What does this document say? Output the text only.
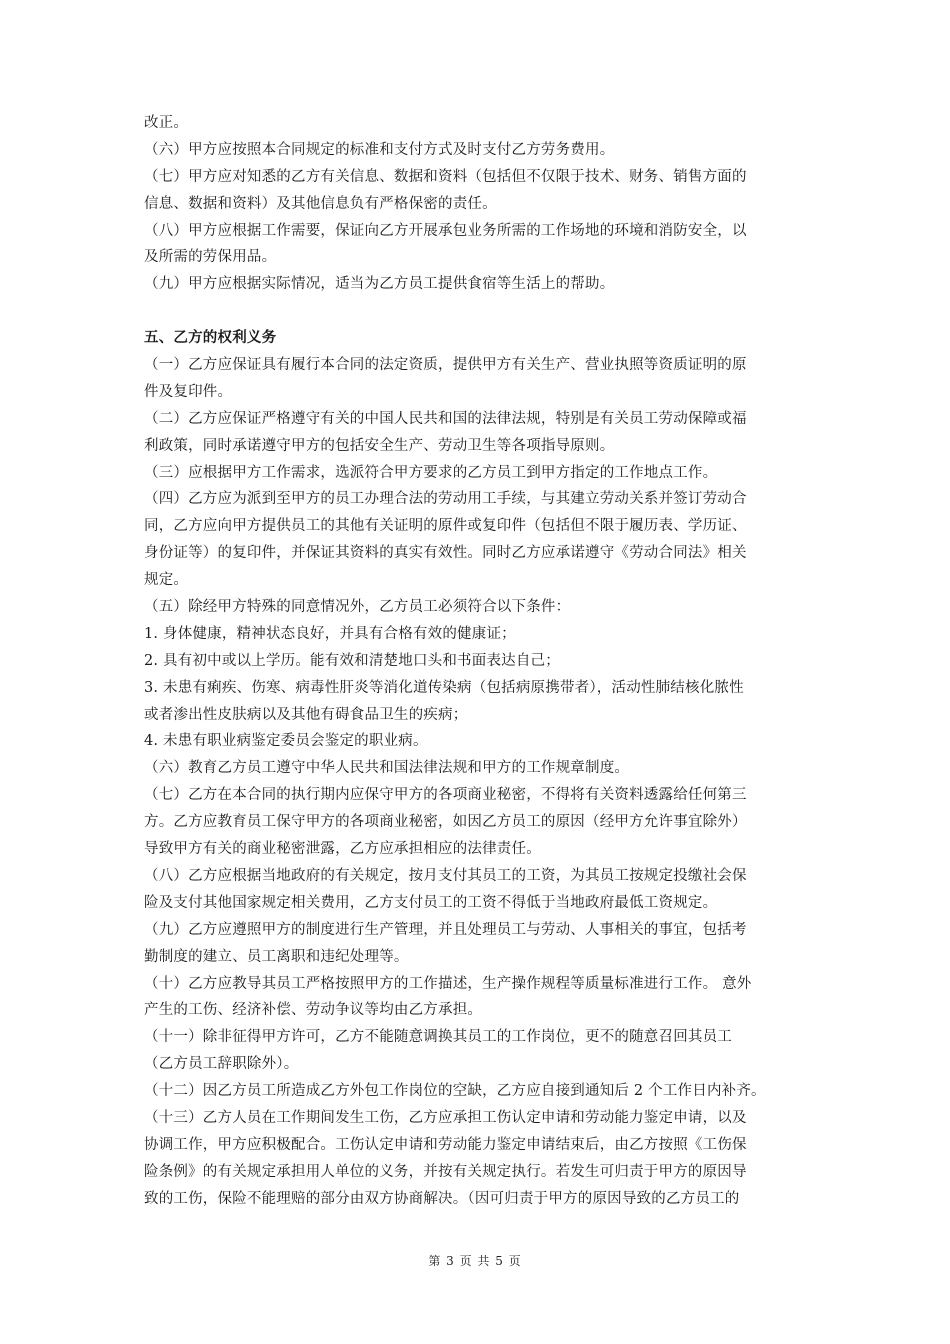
改正。
（六）甲方应按照本合同规定的标准和支付方式及时支付乙方劳务费用。
（七）甲方应对知悉的乙方有关信息、数据和资料（包括但不仅限于技术、财务、销售方面的
信息、数据和资料）及其他信息负有严格保密的责任。
（八）甲方应根据工作需要，保证向乙方开展承包业务所需的工作场地的环境和消防安全，以
及所需的劳保用品。
（九）甲方应根据实际情况，适当为乙方员工提供食宿等生活上的帮助。
五、乙方的权利义务
（一）乙方应保证具有履行本合同的法定资质，提供甲方有关生产、营业执照等资质证明的原
件及复印件。
（二）乙方应保证严格遵守有关的中国人民共和国的法律法规，特别是有关员工劳动保障或福
利政策，同时承诺遵守甲方的包括安全生产、劳动卫生等各项指导原则。
（三）应根据甲方工作需求，选派符合甲方要求的乙方员工到甲方指定的工作地点工作。
（四）乙方应为派到至甲方的员工办理合法的劳动用工手续，与其建立劳动关系并签订劳动合
同，乙方应向甲方提供员工的其他有关证明的原件或复印件（包括但不限于履历表、学历证、
身份证等）的复印件，并保证其资料的真实有效性。同时乙方应承诺遵守《劳动合同法》相关
规定。
（五）除经甲方特殊的同意情况外，乙方员工必须符合以下条件：
1. 身体健康，精神状态良好，并具有合格有效的健康证；
2. 具有初中或以上学历。能有效和清楚地口头和书面表达自己；
3. 未患有痢疾、伤寒、病毒性肝炎等消化道传染病（包括病原携带者），活动性肺结核化脓性
或者渗出性皮肤病以及其他有碍食品卫生的疾病；
4. 未患有职业病鉴定委员会鉴定的职业病。
（六）教育乙方员工遵守中华人民共和国法律法规和甲方的工作规章制度。
（七）乙方在本合同的执行期内应保守甲方的各项商业秘密，不得将有关资料透露给任何第三
方。乙方应教育员工保守甲方的各项商业秘密，如因乙方员工的原因（经甲方允许事宜除外）
导致甲方有关的商业秘密泄露，乙方应承担相应的法律责任。
（八）乙方应根据当地政府的有关规定，按月支付其员工的工资，为其员工按规定投缴社会保
险及支付其他国家规定相关费用，乙方支付员工的工资不得低于当地政府最低工资规定。
（九）乙方应遵照甲方的制度进行生产管理，并且处理员工与劳动、人事相关的事宜，包括考
勤制度的建立、员工离职和违纪处理等。
（十）乙方应教导其员工严格按照甲方的工作描述，生产操作规程等质量标准进行工作。 意外
产生的工伤、经济补偿、劳动争议等均由乙方承担。
（十一）除非征得甲方许可，乙方不能随意调换其员工的工作岗位，更不的随意召回其员工
（乙方员工辞职除外）。
（十二）因乙方员工所造成乙方外包工作岗位的空缺，乙方应自接到通知后 2 个工作日内补齐。
（十三）乙方人员在工作期间发生工伤，乙方应承担工伤认定申请和劳动能力鉴定申请，以及
协调工作，甲方应积极配合。工伤认定申请和劳动能力鉴定申请结束后，由乙方按照《工伤保
险条例》的有关规定承担用人单位的义务，并按有关规定执行。若发生可归责于甲方的原因导
致的工伤，保险不能理赔的部分由双方协商解决。（因可归责于甲方的原因导致的乙方员工的
第 3 页 共 5 页
